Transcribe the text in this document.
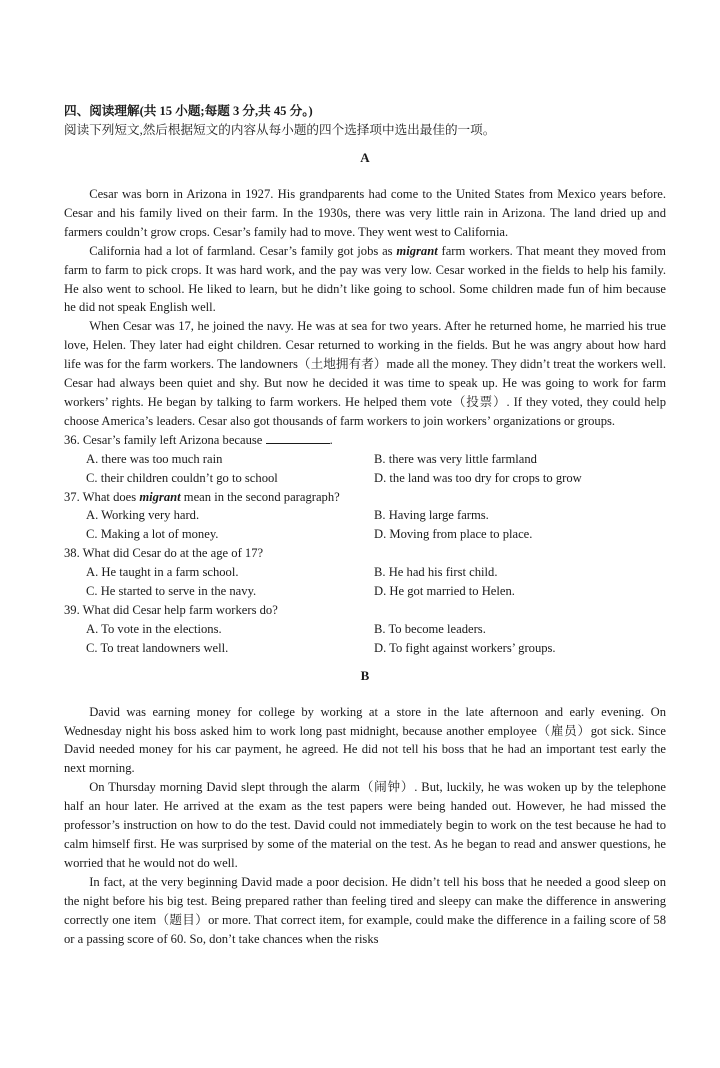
四、阅读理解(共 15 小题;每题 3 分,共 45 分。)
阅读下列短文,然后根据短文的内容从每小题的四个选择项中选出最佳的一项。
A

Cesar was born in Arizona in 1927. His grandparents had come to the United States from Mexico years before. Cesar and his family lived on their farm. In the 1930s, there was very little rain in Arizona. The land dried up and farmers couldn’t grow crops. Cesar’s family had to move. They went west to California.

California had a lot of farmland. Cesar’s family got jobs as migrant farm workers. That meant they moved from farm to farm to pick crops. It was hard work, and the pay was very low. Cesar worked in the fields to help his family. He also went to school. He liked to learn, but he didn’t like going to school. Some children made fun of him because he did not speak English well.

When Cesar was 17, he joined the navy. He was at sea for two years. After he returned home, he married his true love, Helen. They later had eight children. Cesar returned to working in the fields. But he was angry about how hard life was for the farm workers. The landowners（土地拥有者）made all the money. They didn’t treat the workers well. Cesar had always been quiet and shy. But now he decided it was time to speak up. He was going to work for farm workers’ rights. He began by talking to farm workers. He helped them vote（投票）. If they voted, they could help choose America’s leaders. Cesar also got thousands of farm workers to join workers’ organizations or groups.

36. Cesar’s family left Arizona because	.
A. there was too much rain	B. there was very little farmland
C. their children couldn’t go to school	D. the land was too dry for crops to grow
37. What does migrant mean in the second paragraph?
A. Working very hard.	B. Having large farms.
C. Making a lot of money.	D. Moving from place to place.
38. What did Cesar do at the age of 17?
A. He taught in a farm school.	B. He had his first child.
C. He started to serve in the navy.	D. He got married to Helen.
39. What did Cesar help farm workers do?
A. To vote in the elections.	B. To become leaders.
C. To treat landowners well.	D. To fight against workers’ groups.
B

David was earning money for college by working at a store in the late afternoon and early evening. On Wednesday night his boss asked him to work long past midnight, because another employee（雇员）got sick. Since David needed money for his car payment, he agreed. He did not tell his boss that he had an important test early the next morning.

On Thursday morning David slept through the alarm（闹钟）. But, luckily, he was woken up by the telephone half an hour later. He arrived at the exam as the test papers were being handed out. However, he had missed the professor’s instruction on how to do the test. David could not immediately begin to work on the test because he had to calm himself first. He was surprised by some of the material on the test. As he began to read and answer questions, he worried that he would not do well.

In fact, at the very beginning David made a poor decision. He didn’t tell his boss that he needed a good sleep on the night before his big test. Being prepared rather than feeling tired and sleepy can make the difference in answering correctly one item（题目）or more. That correct item, for example, could make the difference in a failing score of 58 or a passing score of 60. So, don’t take chances when the risks
